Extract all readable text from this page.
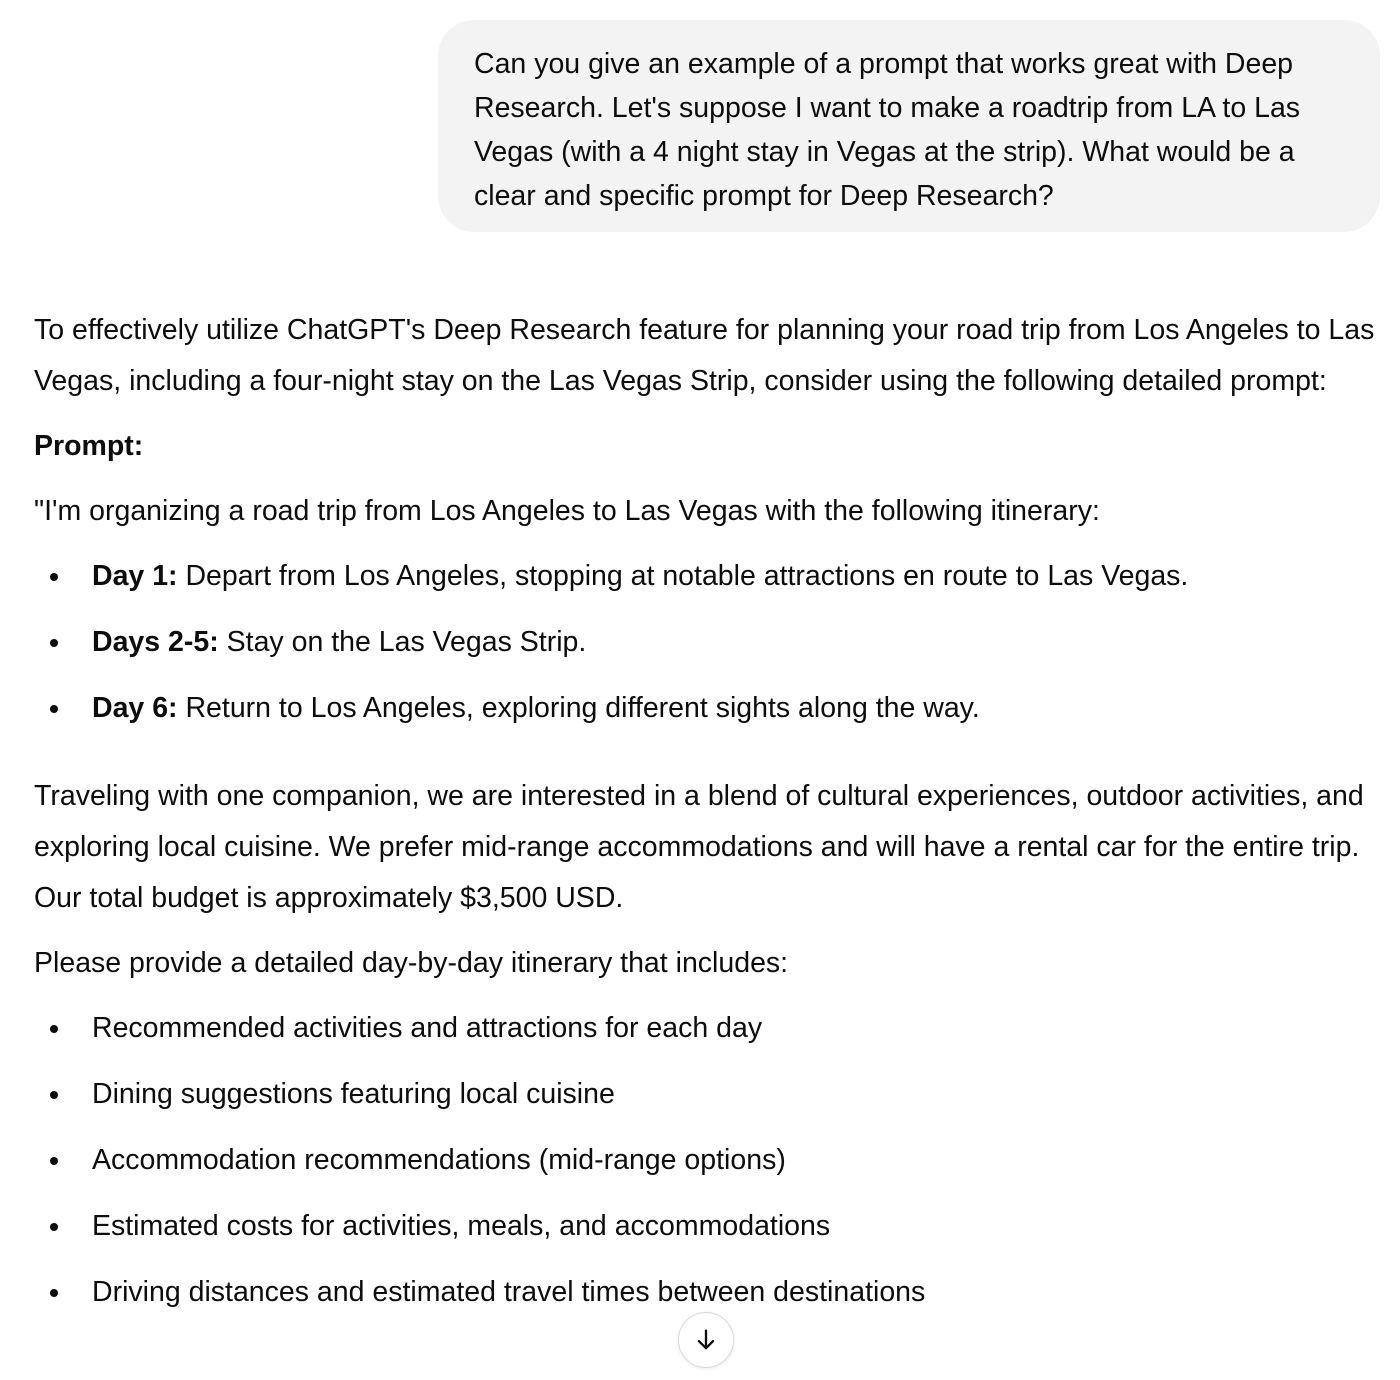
Can you give an example of a prompt that works great with Deep Research. Let's suppose I want to make a roadtrip from LA to Las Vegas (with a 4 night stay in Vegas at the strip). What would be a clear and specific prompt for Deep Research?

To effectively utilize ChatGPT's Deep Research feature for planning your road trip from Los Angeles to Las Vegas, including a four-night stay on the Las Vegas Strip, consider using the following detailed prompt:

Prompt:

"I'm organizing a road trip from Los Angeles to Las Vegas with the following itinerary:

Day 1: Depart from Los Angeles, stopping at notable attractions en route to Las Vegas.
Days 2-5: Stay on the Las Vegas Strip.
Day 6: Return to Los Angeles, exploring different sights along the way.

Traveling with one companion, we are interested in a blend of cultural experiences, outdoor activities, and exploring local cuisine. We prefer mid-range accommodations and will have a rental car for the entire trip. Our total budget is approximately $3,500 USD.

Please provide a detailed day-by-day itinerary that includes:

Recommended activities and attractions for each day
Dining suggestions featuring local cuisine
Accommodation recommendations (mid-range options)
Estimated costs for activities, meals, and accommodations
Driving distances and estimated travel times between destinations
